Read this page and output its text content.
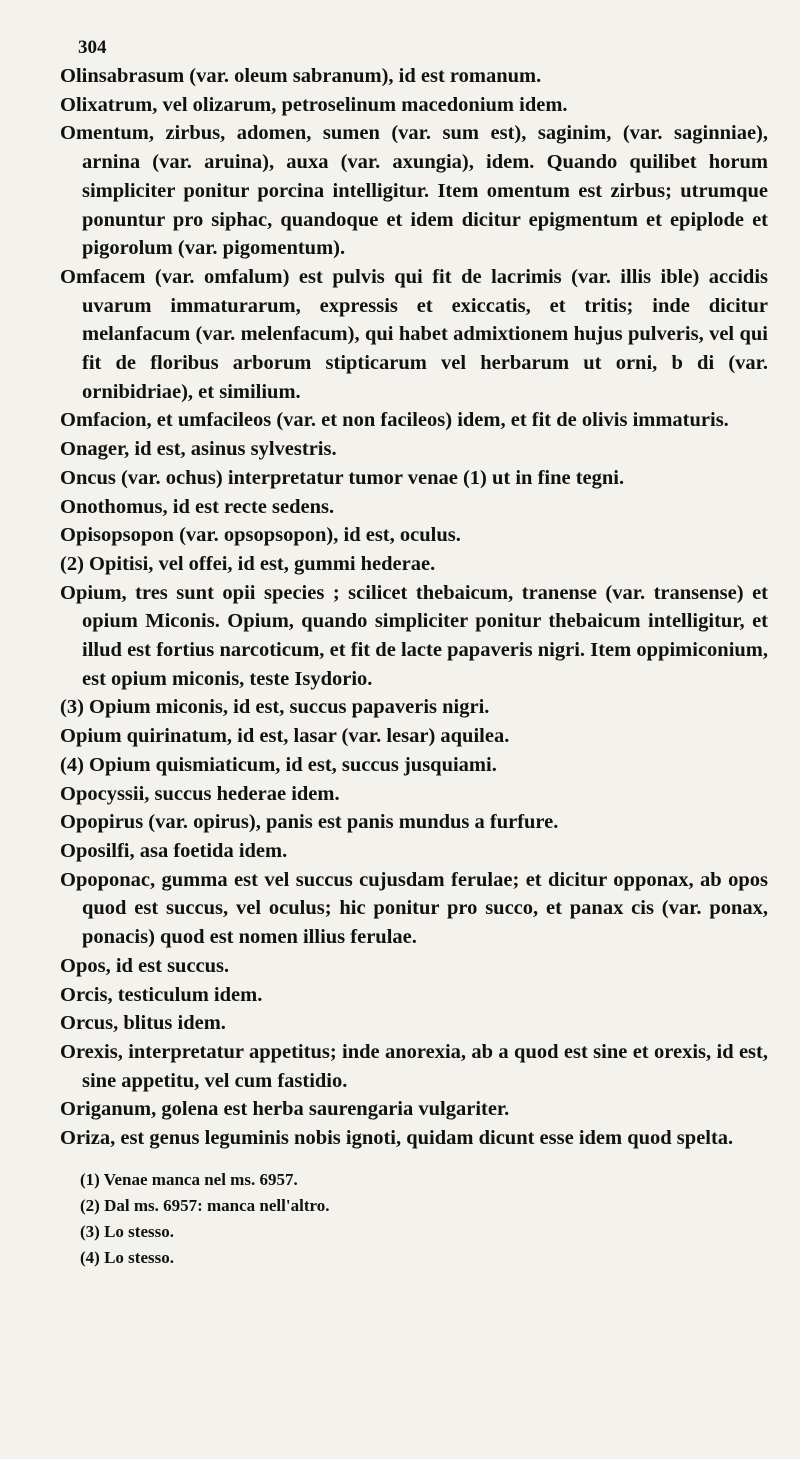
304

Olinsabrasum (var. oleum sabranum), id est romanum.

Olixatrum, vel olizarum, petroselinum macedonium idem.

Omentum, zirbus, adomen, sumen (var. sum est), saginim, (var. saginniae), arnina (var. aruina), auxa (var. axungia), idem. Quando quilibet horum simpliciter ponitur porcina intelligitur. Item omentum est zirbus; utrumque ponuntur pro siphac, quandoque et idem dicitur epigmentum et epiplode et pigorolum (var. pigomentum).

Omfacem (var. omfalum) est pulvis qui fit de lacrimis (var. illis ible) accidis uvarum immaturarum, expressis et exiccatis, et tritis; inde dicitur melanfacum (var. melenfacum), qui habet admixtionem hujus pulveris, vel qui fit de floribus arborum stipticarum vel herbarum ut orni, b di (var. ornibidriae), et similium.

Omfacion, et umfacileos (var. et non facileos) idem, et fit de olivis immaturis.

Onager, id est, asinus sylvestris.

Oncus (var. ochus) interpretatur tumor venae (1) ut in fine tegni.

Onothomus, id est recte sedens.

Opisopsopon (var. opsopsopon), id est, oculus.

(2) Opitisi, vel offei, id est, gummi hederae.

Opium, tres sunt opii species ; scilicet thebaicum, tranense (var. transense) et opium Miconis. Opium, quando simpliciter ponitur thebaicum intelligitur, et illud est fortius narcoticum, et fit de lacte papaveris nigri. Item oppimiconium, est opium miconis, teste Isydorio.

(3) Opium miconis, id est, succus papaveris nigri.

Opium quirinatum, id est, lasar (var. lesar) aquilea.

(4) Opium quismiaticum, id est, succus jusquiami.

Opocyssii, succus hederae idem.

Opopirus (var. opirus), panis est panis mundus a furfure.

Oposilfi, asa foetida idem.

Opoponac, gumma est vel succus cujusdam ferulae; et dicitur opponax, ab opos quod est succus, vel oculus; hic ponitur pro succo, et panax cis (var. ponax, ponacis) quod est nomen illius ferulae.

Opos, id est succus.

Orcis, testiculum idem.

Orcus, blitus idem.

Orexis, interpretatur appetitus; inde anorexia, ab a quod est sine et orexis, id est, sine appetitu, vel cum fastidio.

Origanum, golena est herba saurengaria vulgariter.

Oriza, est genus leguminis nobis ignoti, quidam dicunt esse idem quod spelta.

(1) Venae manca nel ms. 6957.
(2) Dal ms. 6957: manca nell'altro.
(3) Lo stesso.
(4) Lo stesso.
